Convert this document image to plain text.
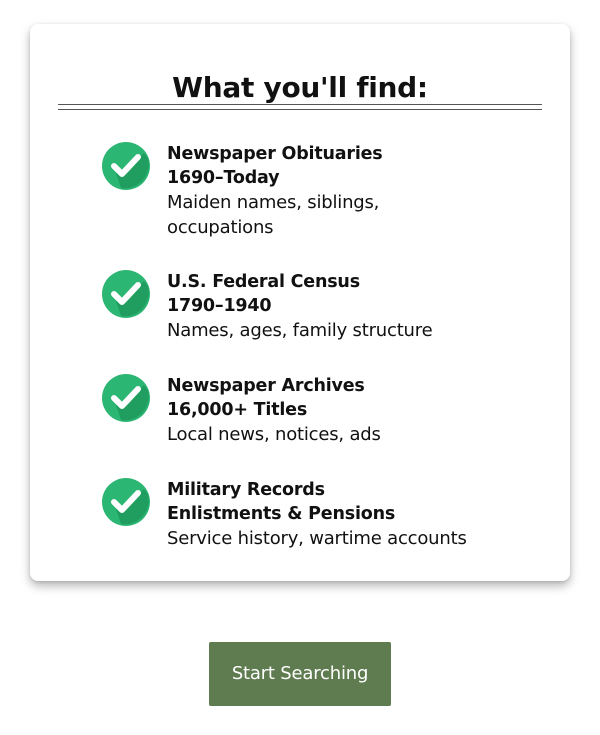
What you'll find:
Newspaper Obituaries
1690–Today
Maiden names, siblings, occupations
U.S. Federal Census
1790–1940
Names, ages, family structure
Newspaper Archives
16,000+ Titles
Local news, notices, ads
Military Records
Enlistments & Pensions
Service history, wartime accounts
Start Searching
